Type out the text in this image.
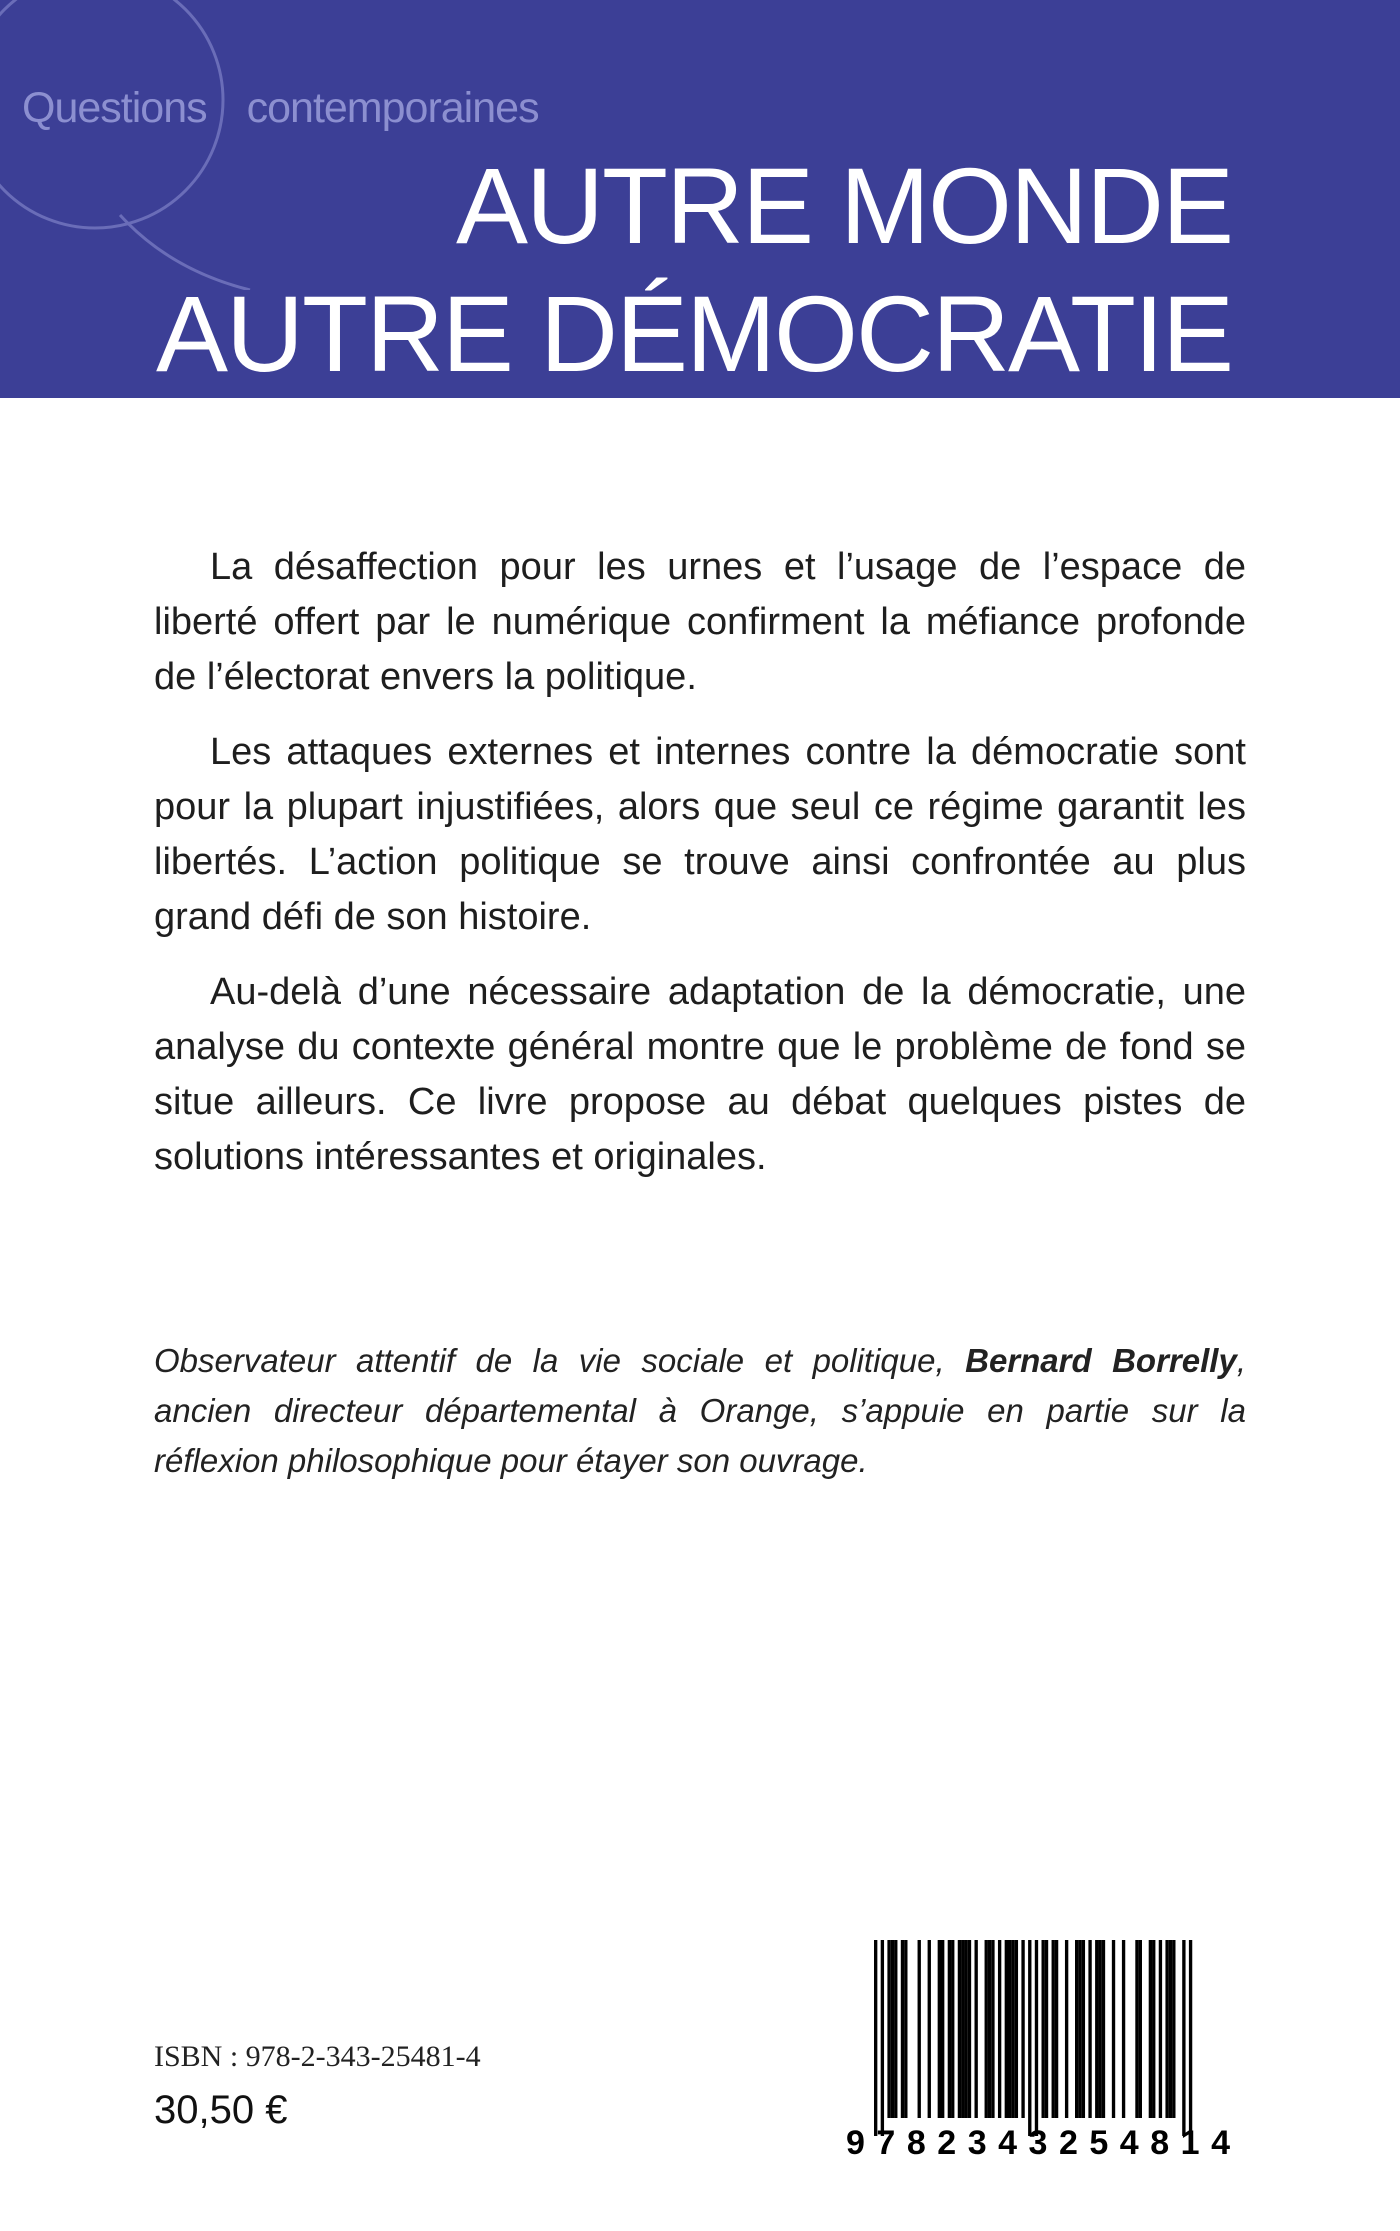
Questions contemporaines
AUTRE MONDE
AUTRE DÉMOCRATIE

La désaffection pour les urnes et l’usage de l’espace de liberté offert par le numérique confirment la méfiance profonde de l’électorat envers la politique.

Les attaques externes et internes contre la démocratie sont pour la plupart injustifiées, alors que seul ce régime garantit les libertés. L’action politique se trouve ainsi confrontée au plus grand défi de son histoire.

Au-delà d’une nécessaire adaptation de la démocratie, une analyse du contexte général montre que le problème de fond se situe ailleurs. Ce livre propose au débat quelques pistes de solutions intéressantes et originales.

Observateur attentif de la vie sociale et politique, Bernard Borrelly, ancien directeur départemental à Orange, s’appuie en partie sur la réflexion philosophique pour étayer son ouvrage.
9782343254814
ISBN : 978-2-343-25481-4
30,50 €
